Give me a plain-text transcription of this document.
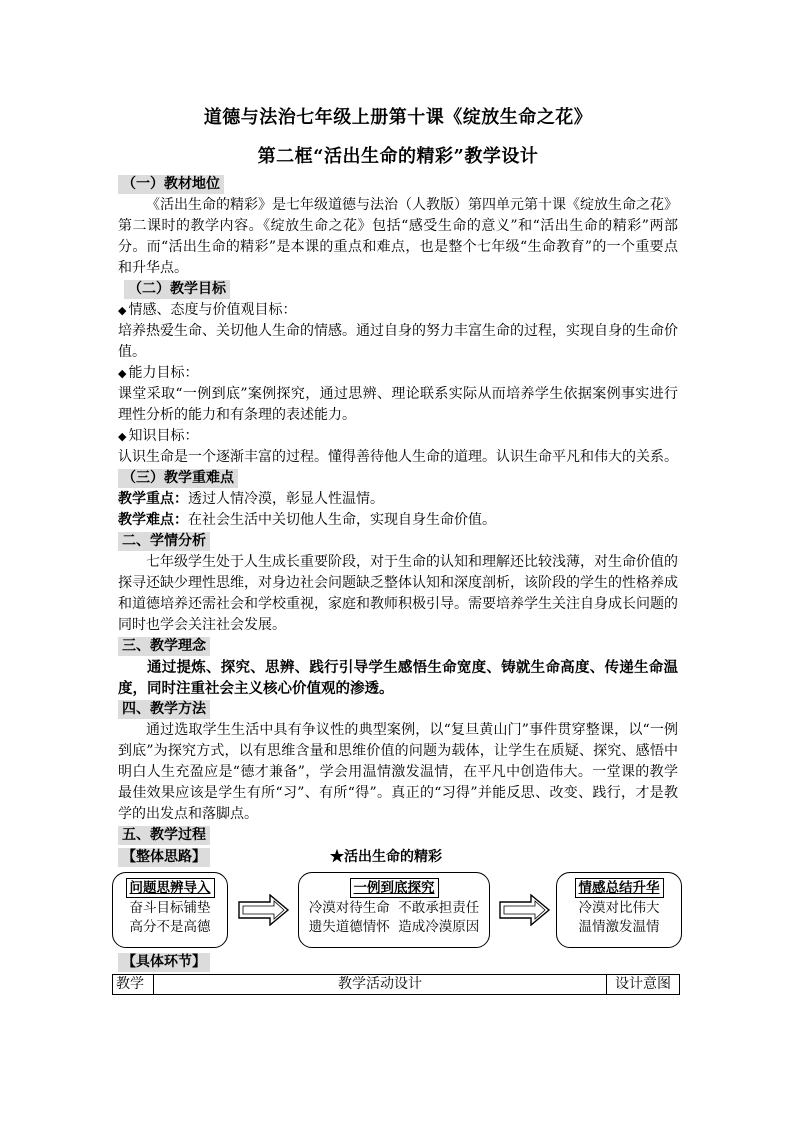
道德与法治七年级上册第十课《绽放生命之花》
第二框“活出生命的精彩”教学设计
（一）教材地位

《活出生命的精彩》是七年级道德与法治（人教版）第四单元第十课《绽放生命之花》第二课时的教学内容。《绽放生命之花》包括“感受生命的意义”和“活出生命的精彩”两部分。而“活出生命的精彩”是本课的重点和难点，也是整个七年级“生命教育”的一个重要点和升华点。

（二）教学目标
◆ 情感、态度与价值观目标：

培养热爱生命、关切他人生命的情感。通过自身的努力丰富生命的过程，实现自身的生命价值。

◆ 能力目标：

课堂采取“一例到底”案例探究，通过思辨、理论联系实际从而培养学生依据案例事实进行理性分析的能力和有条理的表述能力。

◆ 知识目标：

认识生命是一个逐渐丰富的过程。懂得善待他人生命的道理。认识生命平凡和伟大的关系。

（三）教学重难点

教学重点：透过人情冷漠，彰显人性温情。

教学难点：在社会生活中关切他人生命，实现自身生命价值。

二、学情分析

七年级学生处于人生成长重要阶段，对于生命的认知和理解还比较浅薄，对生命价值的探寻还缺少理性思维，对身边社会问题缺乏整体认知和深度剖析，该阶段的学生的性格养成和道德培养还需社会和学校重视，家庭和教师积极引导。需要培养学生关注自身成长问题的同时也学会关注社会发展。

三、教学理念

通过提炼、探究、思辨、践行引导学生感悟生命宽度、铸就生命高度、传递生命温度，同时注重社会主义核心价值观的渗透。

四、教学方法

通过选取学生生活中具有争议性的典型案例，以“复旦黄山门”事件贯穿整课，以“一例到底”为探究方式，以有思维含量和思维价值的问题为载体，让学生在质疑、探究、感悟中明白人生充盈应是“德才兼备”，学会用温情激发温情，在平凡中创造伟大。一堂课的教学最佳效果应该是学生有所“习”、有所“得”。真正的“习得”并能反思、改变、践行，才是教学的出发点和落脚点。

五、教学过程
【整体思路】	★活出生命的精彩
问题思辨导入
奋斗目标铺垫
高分不是高德
一例到底探究
冷漠对待生命  不敢承担责任
遗失道德情怀  造成冷漠原因
情感总结升华
冷漠对比伟大
温情激发温情
【具体环节】
教学	教学活动设计	设计意图
